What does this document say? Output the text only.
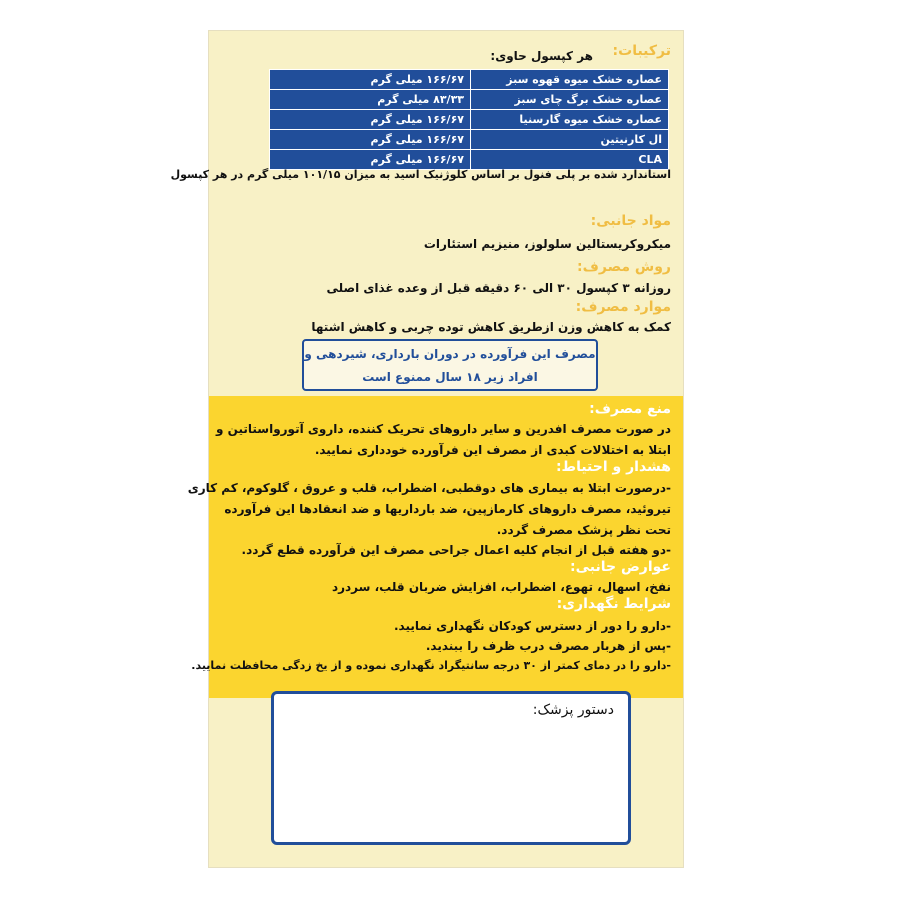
ترکیبات:
هر کپسول حاوی:
عصاره خشک میوه قهوه سبز	۱۶۶/۶۷ میلی گرم
عصاره خشک برگ چای سبز	۸۳/۳۳ میلی گرم
عصاره خشک میوه گارسنیا	۱۶۶/۶۷ میلی گرم
ال کارنیتین	۱۶۶/۶۷ میلی گرم
CLA	۱۶۶/۶۷ میلی گرم
استاندارد شده بر پلی فنول بر اساس کلوژنیک اسید به میزان ۱۰۱/۱۵ میلی گرم در هر کپسول
مواد جانبی:
میکروکریستالین سلولوز، منیزیم استئارات
روش مصرف:
روزانه ۳ کپسول ۳۰ الی ۶۰ دقیقه قبل از وعده غذای اصلی
موارد مصرف:
کمک به کاهش وزن ازطریق کاهش توده چربی و کاهش اشتها
مصرف این فرآورده در دوران بارداری، شیردهی و
افراد زیر ۱۸ سال ممنوع است
منع مصرف:
در صورت مصرف افدرین و سایر داروهای تحریک کننده، داروی آتورواستاتین و
ابتلا به اختلالات کبدی از مصرف این فرآورده خودداری نمایید.
هشدار و احتیاط:
-درصورت ابتلا به بیماری های دوقطبی، اضطراب، قلب و عروق ، گلوکوم، کم کاری
تیروئید، مصرف داروهای کارمازپین، ضد بارداریها و ضد انعقادها این فرآورده
تحت نظر پزشک مصرف گردد.
-دو هفته قبل از انجام کلیه اعمال جراحی مصرف این فرآورده قطع گردد.
عوارض جانبی:
نفخ، اسهال، تهوع، اضطراب، افزایش ضربان قلب، سردرد
شرایط نگهداری:
-دارو را دور از دسترس کودکان نگهداری نمایید.
-پس از هربار مصرف درب ظرف را ببندید.
-دارو را در دمای کمتر از ۳۰ درجه سانتیگراد نگهداری نموده و از یخ زدگی محافظت نمایید.
دستور پزشک:
